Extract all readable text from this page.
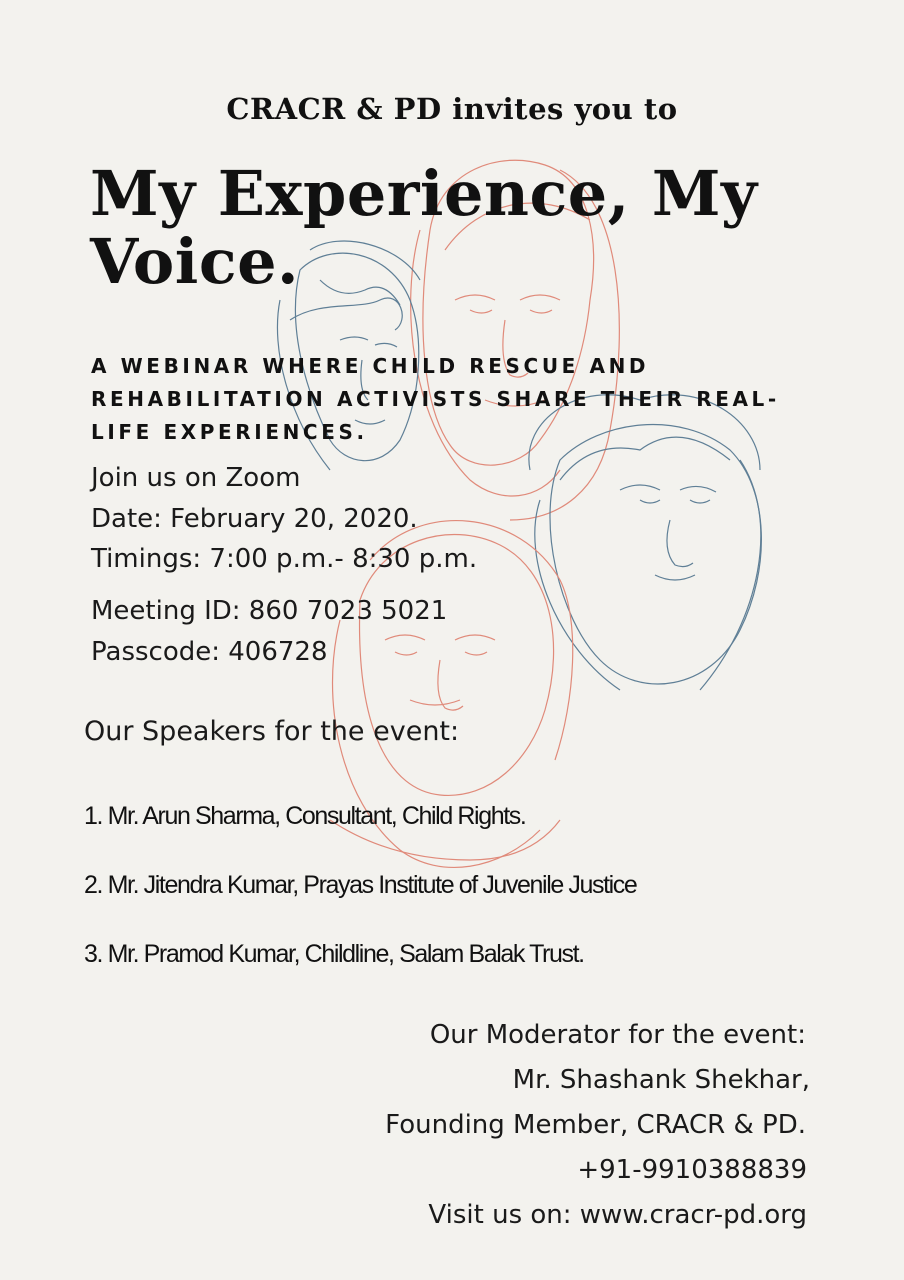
CRACR & PD invites you to
My Experience, My Voice.
A WEBINAR WHERE CHILD RESCUE AND REHABILITATION ACTIVISTS SHARE THEIR REAL-LIFE EXPERIENCES.
Join us on Zoom
Date: February 20, 2020.
Timings: 7:00 p.m.- 8:30 p.m.
Meeting ID: 860 7023 5021
Passcode: 406728
Our Speakers for the event:
1. Mr. Arun Sharma, Consultant, Child Rights.
2. Mr. Jitendra Kumar, Prayas Institute of Juvenile Justice
3. Mr. Pramod Kumar, Childline, Salam Balak Trust.
Our Moderator for the event:
Mr. Shashank Shekhar,
Founding Member, CRACR & PD.
+91-9910388839
Visit us on: www.cracr-pd.org
